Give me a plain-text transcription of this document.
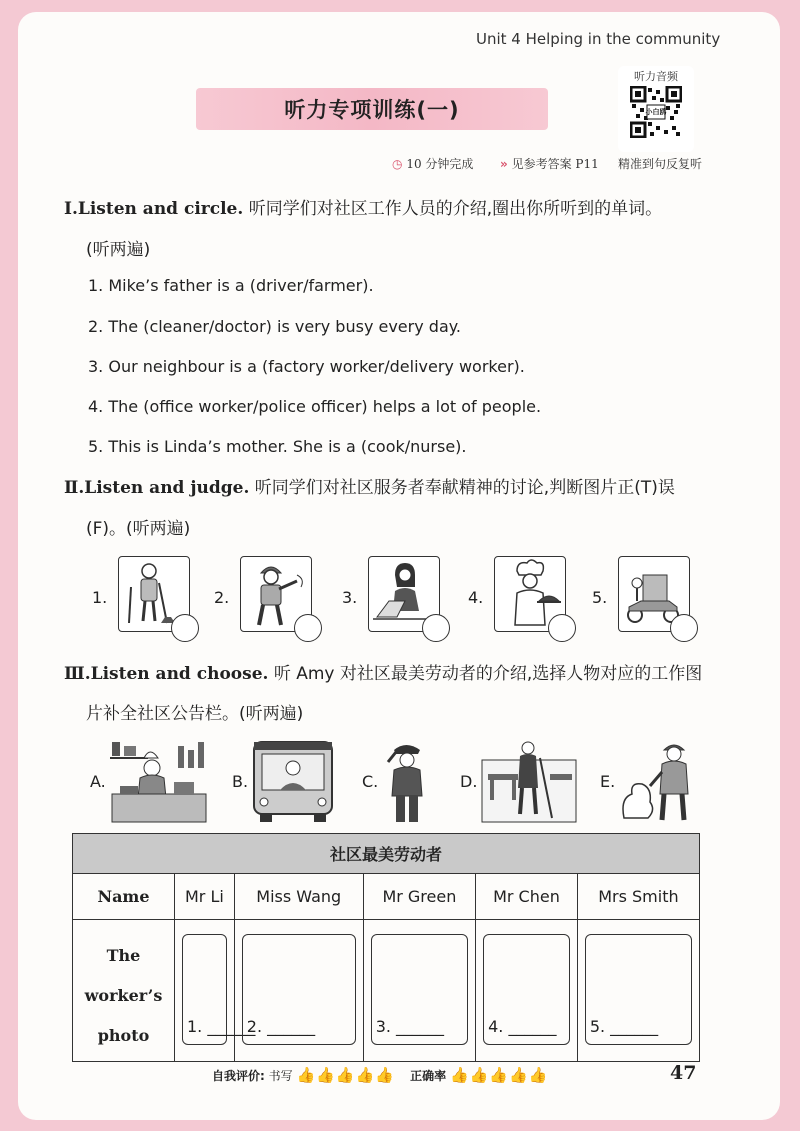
Unit 4 Helping in the community
听力专项训练(一)
听力音频
小白鸥
◷ 10 分钟完成 » 见参考答案 P11 精准到句反复听
Ⅰ.Listen and circle. 听同学们对社区工作人员的介绍,圈出你所听到的单词。
(听两遍)
1. Mike’s father is a (driver/farmer).
2. The (cleaner/doctor) is very busy every day.
3. Our neighbour is a (factory worker/delivery worker).
4. The (office worker/police officer) helps a lot of people.
5. This is Linda’s mother. She is a (cook/nurse).
Ⅱ.Listen and judge. 听同学们对社区服务者奉献精神的讨论,判断图片正(T)误
(F)。(听两遍)
1.	2.	3.	4.	5.
Ⅲ.Listen and choose. 听 Amy 对社区最美劳动者的介绍,选择人物对应的工作图
片补全社区公告栏。(听两遍)
A.	B.	C.	D.	E.
社区最美劳动者					
Name	Mr Li	Miss Wang	Mr Green	Mr Chen	Mrs Smith

The
worker’s
photo	1. ______	2. ______	3. ______	4. ______	5. ______
自我评价: 书写 👍👍👍👍👍 正确率 👍👍👍👍👍	47
